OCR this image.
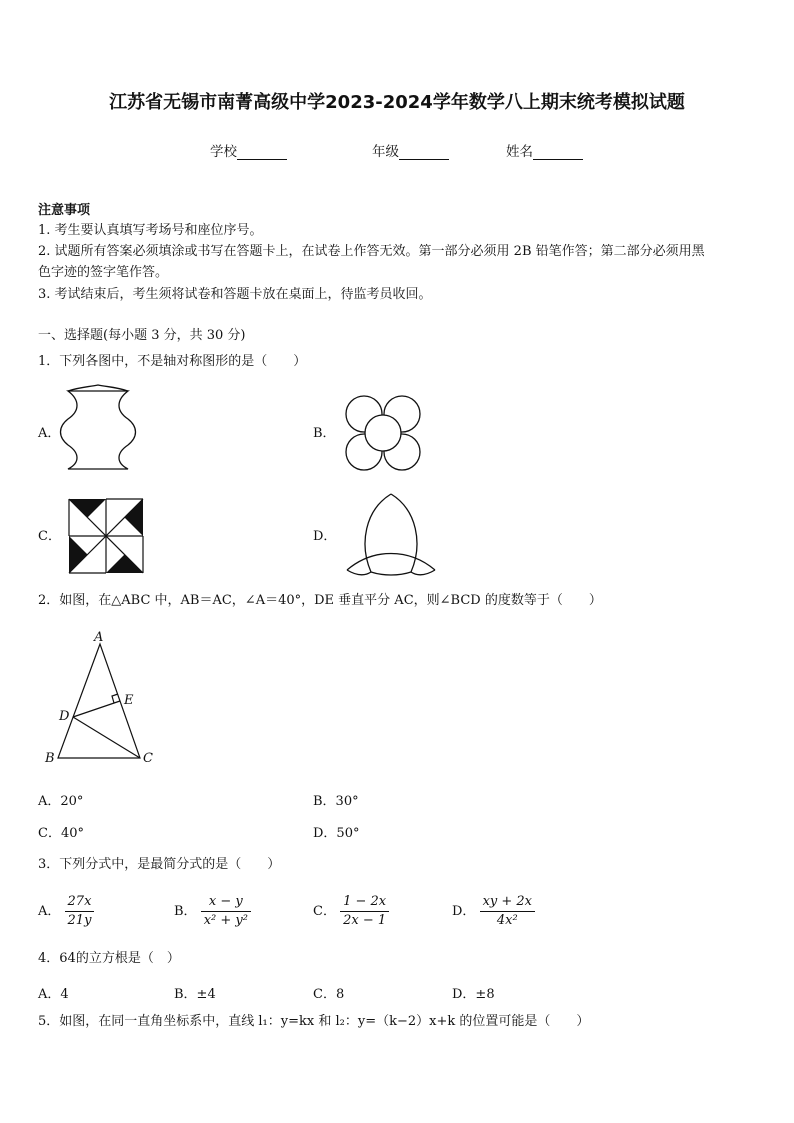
江苏省无锡市南菁高级中学2023-2024学年数学八上期末统考模拟试题
学校	年级	姓名
注意事项
1. 考生要认真填写考场号和座位序号。
2. 试题所有答案必须填涂或书写在答题卡上，在试卷上作答无效。第一部分必须用 2B 铅笔作答；第二部分必须用黑
色字迹的签字笔作答。
3. 考试结束后，考生须将试卷和答题卡放在桌面上，待监考员收回。
一、选择题(每小题 3 分，共 30 分)
1．下列各图中，不是轴对称图形的是（　　）
A．	B．
C．	D．
2．如图，在△ABC 中，AB＝AC，∠A＝40°，DE 垂直平分 AC，则∠BCD 的度数等于（　　）
A
E
D
B	C
A．20°	B．30°
C．40°	D．50°
3．下列分式中，是最简分式的是（　　）
A． $\frac{27x}{21y}$	B． $\frac{x - y}{\text{x² + y²}}$	C． $\frac{1 - 2x}{2x - 1}$	D． $\frac{xy + 2x}{\text{4x²}}$
4．64的立方根是（　）
A．4	B．±4	C．8	D．±8
5．如图，在同一直角坐标系中，直线 l₁：y=kx 和 l₂：y=（k−2）x+k 的位置可能是（　　）
